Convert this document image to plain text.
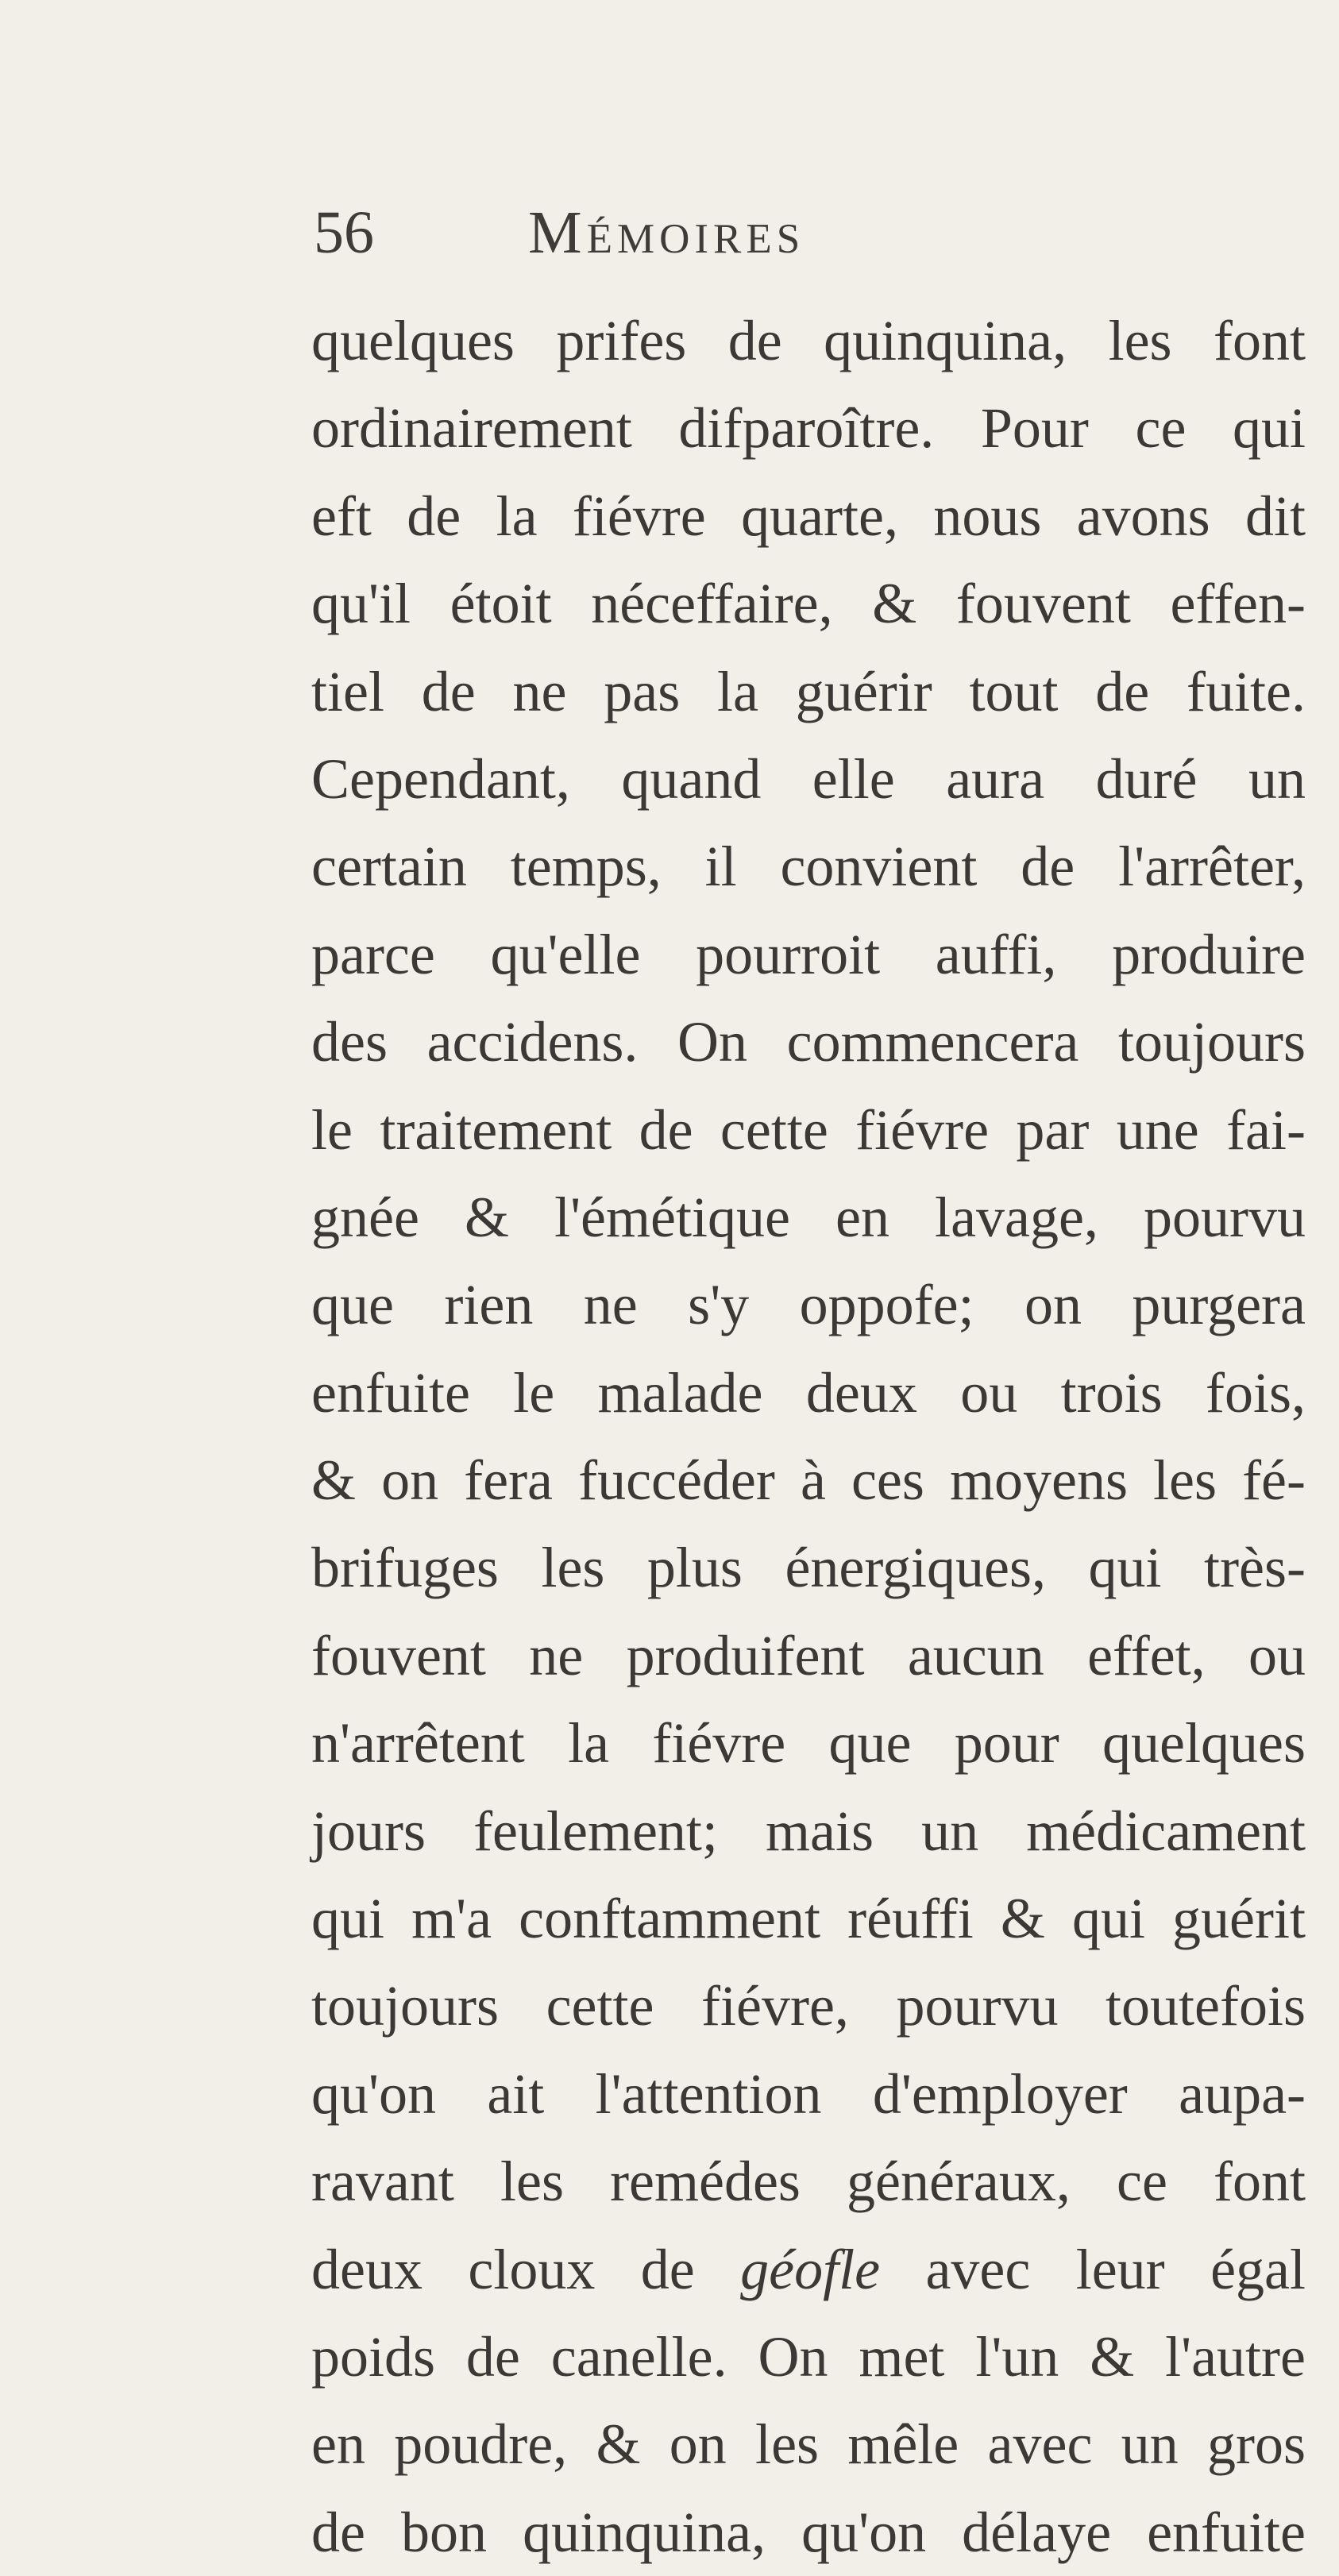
56	Mémoires
quelques prifes de quinquina, les font
ordinairement difparoître. Pour ce qui
eft de la fiévre quarte, nous avons dit
qu'il étoit néceffaire, & fouvent effen-
tiel de ne pas la guérir tout de fuite.
Cependant, quand elle aura duré un
certain temps, il convient de l'arrêter,
parce qu'elle pourroit auffi, produire
des accidens. On commencera toujours
le traitement de cette fiévre par une fai-
gnée & l'émétique en lavage, pourvu
que rien ne s'y oppofe; on purgera
enfuite le malade deux ou trois fois,
& on fera fuccéder à ces moyens les fé-
brifuges les plus énergiques, qui très-
fouvent ne produifent aucun effet, ou
n'arrêtent la fiévre que pour quelques
jours feulement; mais un médicament
qui m'a conftamment réuffi & qui guérit
toujours cette fiévre, pourvu toutefois
qu'on ait l'attention d'employer aupa-
ravant les remédes généraux, ce font
deux cloux de géofle avec leur égal
poids de canelle. On met l'un & l'autre
en poudre, & on les mêle avec un gros
de bon quinquina, qu'on délaye enfuite
